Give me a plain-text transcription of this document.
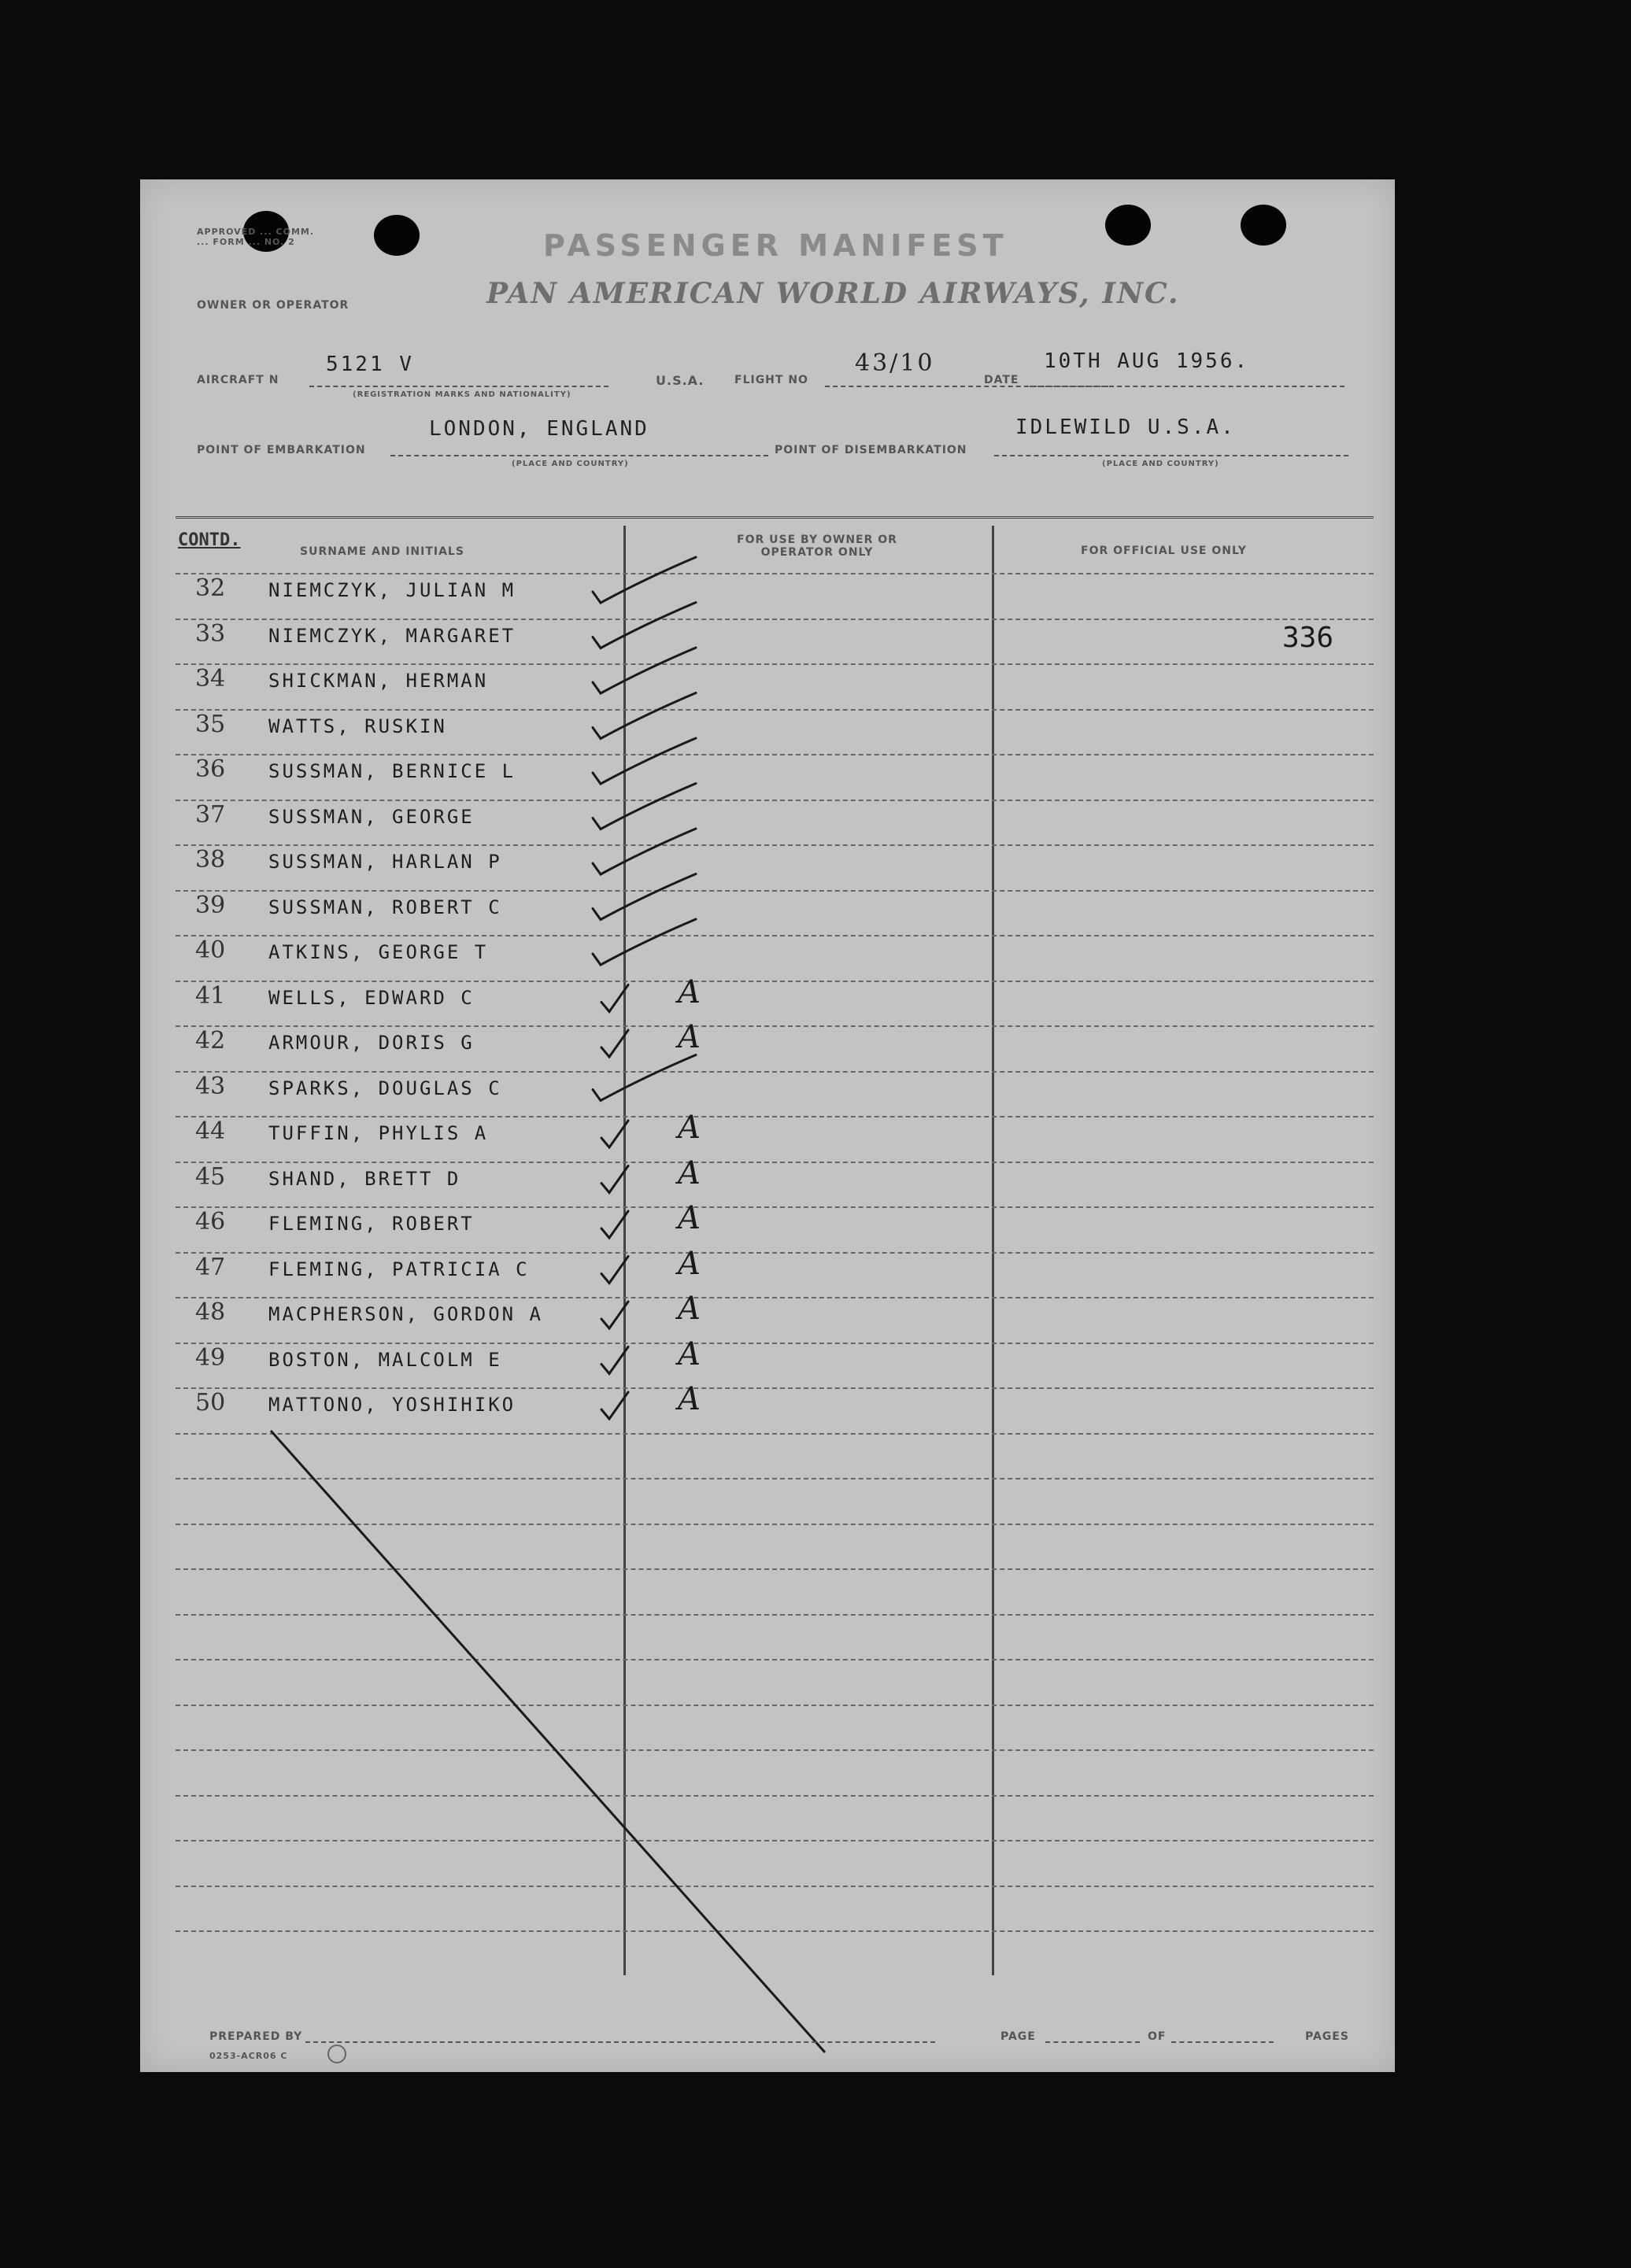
APPROVED ... COMM. ... FORM ... NO. 2	PASSENGER MANIFEST
OWNER OR OPERATOR	PAN AMERICAN WORLD AIRWAYS, INC.
AIRCRAFT N
5121 V
(REGISTRATION MARKS AND NATIONALITY)
U.S.A.	FLIGHT NO
43/10
DATE
10TH AUG 1956.
POINT OF EMBARKATION
LONDON, ENGLAND
(PLACE AND COUNTRY)
POINT OF DISEMBARKATION
IDLEWILD U.S.A.
(PLACE AND COUNTRY)
CONTD.
SURNAME AND INITIALS
FOR USE BY OWNER OR OPERATOR ONLY	FOR OFFICIAL USE ONLY
336
32 NIEMCZYK, JULIAN M
33 NIEMCZYK, MARGARET
34 SHICKMAN, HERMAN
35 WATTS, RUSKIN
36 SUSSMAN, BERNICE L
37 SUSSMAN, GEORGE
38 SUSSMAN, HARLAN P
39 SUSSMAN, ROBERT C
40 ATKINS, GEORGE T
41 WELLS, EDWARD C	A
42 ARMOUR, DORIS G	A
43 SPARKS, DOUGLAS C
44 TUFFIN, PHYLIS A	A
45 SHAND, BRETT D	A
46 FLEMING, ROBERT	A
47 FLEMING, PATRICIA C	A
48 MACPHERSON, GORDON A	A
49 BOSTON, MALCOLM E	A
50 MATTONO, YOSHIHIKO	A
PREPARED BY	PAGE	OF	PAGES
0253-ACR06 C
